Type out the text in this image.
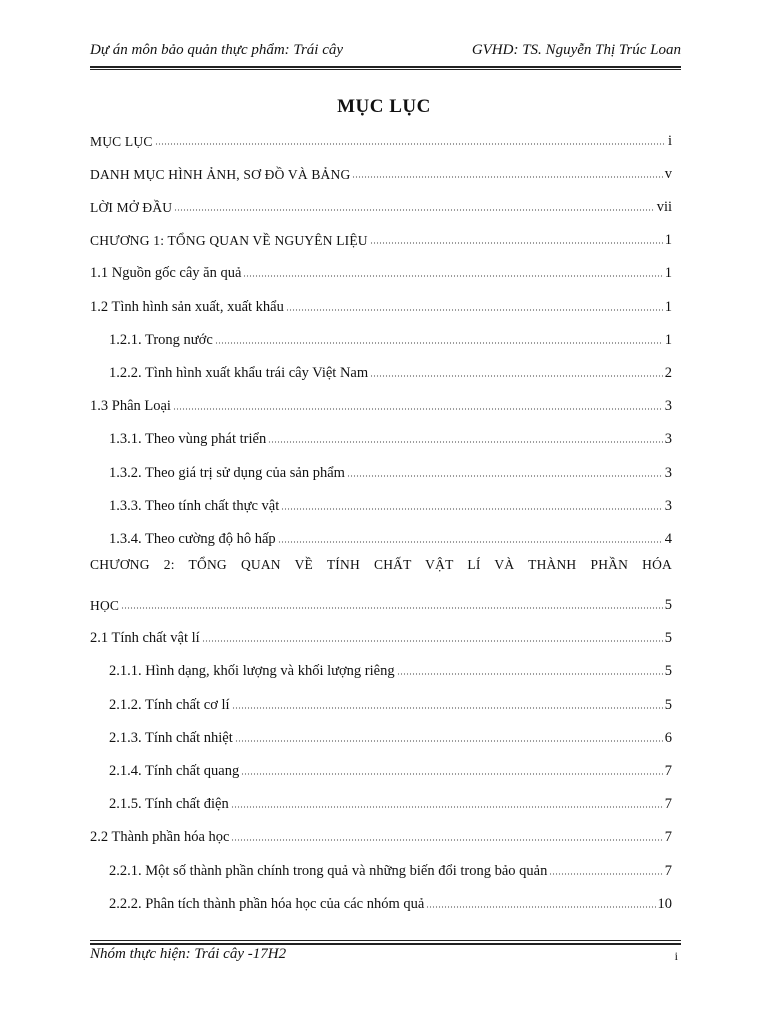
Dự án môn bảo quản thực phẩm: Trái cây	GVHD: TS. Nguyễn Thị Trúc Loan
MỤC LỤC
MỤC LỤC	i
DANH MỤC HÌNH ẢNH, SƠ ĐỒ VÀ BẢNG	v
LỜI MỞ ĐẦU	vii
CHƯƠNG 1: TỔNG QUAN VỀ NGUYÊN LIỆU	1
1.1 Nguồn gốc cây ăn quả	1
1.2 Tình hình sản xuất, xuất khẩu	1
1.2.1. Trong nước	1
1.2.2. Tình hình xuất khẩu trái cây Việt Nam	2
1.3 Phân Loại	3
1.3.1. Theo vùng phát triển	3
1.3.2. Theo giá trị sử dụng của sản phẩm	3
1.3.3. Theo tính chất thực vật	3
1.3.4. Theo cường độ hô hấp	4
CHƯƠNG 2: TỔNG QUAN VỀ TÍNH CHẤT VẬT LÍ VÀ THÀNH PHẦN HÓA
HỌC	5
2.1 Tính chất vật lí	5
2.1.1. Hình dạng, khối lượng và khối lượng riêng	5
2.1.2. Tính chất cơ lí	5
2.1.3. Tính chất nhiệt	6
2.1.4. Tính chất quang	7
2.1.5. Tính chất điện	7
2.2 Thành phần hóa học	7
2.2.1. Một số thành phần chính trong quả và những biến đổi trong bảo quản	7
2.2.2. Phân tích thành phần hóa học của các nhóm quả	10
Nhóm thực hiện: Trái cây -17H2	i
